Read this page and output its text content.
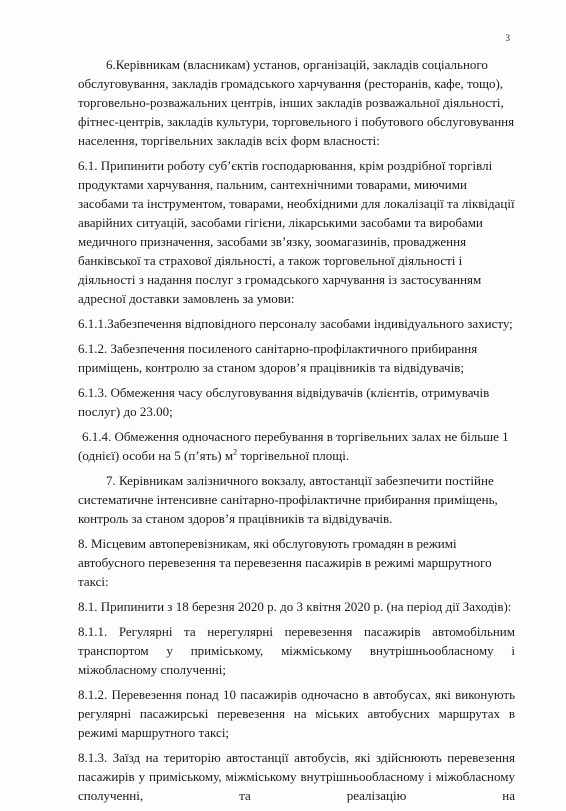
3

6.Керівникам (власникам) установ, організацій, закладів соціального обслуговування, закладів громадського харчування (ресторанів, кафе, тощо), торговельно-розважальних центрів, інших закладів розважальної діяльності, фітнес-центрів, закладів культури, торговельного і побутового обслуговування населення, торгівельних закладів всіх форм власності:

6.1. Припинити роботу суб’єктів господарювання, крім роздрібної торгівлі продуктами харчування, пальним, сантехнічними товарами, миючими засобами та інструментом, товарами, необхідними для локалізації та ліквідації аварійних ситуацій, засобами гігієни, лікарськими засобами та виробами медичного призначення, засобами зв’язку, зоомагазинів, провадження банківської та страхової діяльності, а також торговельної діяльності і діяльності з надання послуг з громадського харчування із застосуванням адресної доставки замовлень за умови:

6.1.1.Забезпечення відповідного персоналу засобами індивідуального захисту;

6.1.2. Забезпечення посиленого санітарно-профілактичного прибирання приміщень, контролю за станом здоров’я працівників та відвідувачів;

6.1.3. Обмеження часу обслуговування відвідувачів (клієнтів, отримувачів послуг) до 23.00;

6.1.4. Обмеження одночасного перебування в торгівельних залах не більше 1 (однієї) особи на 5 (п’ять) $м^2$ торгівельної площі.

7. Керівникам залізничного вокзалу, автостанції забезпечити постійне систематичне інтенсивне санітарно-профілактичне прибирання приміщень, контроль за станом здоров’я працівників та відвідувачів.

8. Місцевим автоперевізникам, які обслуговують громадян в режимі автобусного перевезення та перевезення пасажирів в режимі маршрутного таксі:

8.1. Припинити з 18 березня 2020 р. до 3 квітня 2020 р. (на період дії Заходів):

8.1.1. Регулярні та нерегулярні перевезення пасажирів автомобільним транспортом у приміському, міжміському внутрішньообласному і міжобласному сполученні;

8.1.2. Перевезення понад 10 пасажирів одночасно в автобусах, які виконують регулярні пасажирські перевезення на міських автобусних маршрутах в режимі маршрутного таксі;

8.1.3. Заїзд на територію автостанції автобусів, які здійснюють перевезення пасажирів у приміському, міжміському внутрішньообласному і міжобласному сполученні, та реалізацію на
